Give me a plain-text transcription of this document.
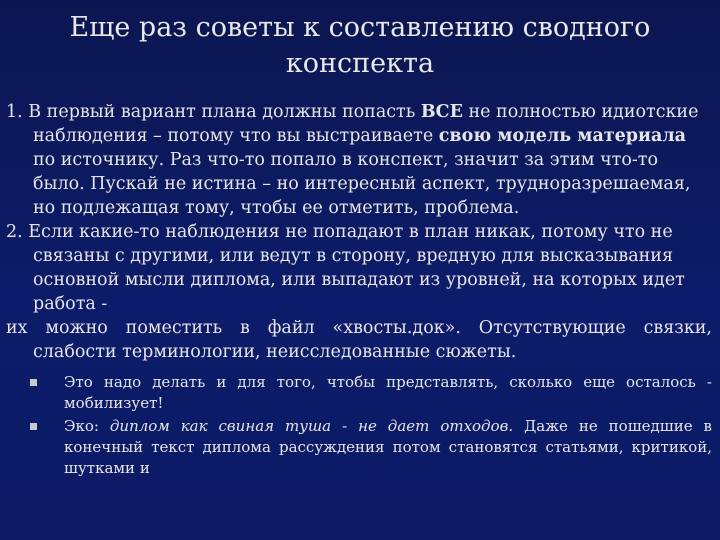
Еще раз советы к составлению сводного конспекта

1. В первый вариант плана должны попасть ВСЕ не полностью идиотские наблюдения – потому что вы выстраиваете свою модель материала по источнику. Раз что-то попало в конспект, значит за этим что-то было. Пускай не истина – но интересный аспект, трудноразрешаемая, но подлежащая тому, чтобы ее отметить, проблема.

2. Если какие-то наблюдения не попадают в план никак, потому что не связаны с другими, или ведут в сторону, вредную для высказывания основной мысли диплома, или выпадают из уровней, на которых идет работа -

их можно поместить в файл «хвосты.док». Отсутствующие связки, слабости терминологии, неисследованные сюжеты.

Это надо делать и для того, чтобы представлять, сколько еще осталось - мобилизует!
Эко: диплом как свиная туша - не дает отходов. Даже не пошедшие в конечный текст диплома рассуждения потом становятся статьями, критикой, шутками и
